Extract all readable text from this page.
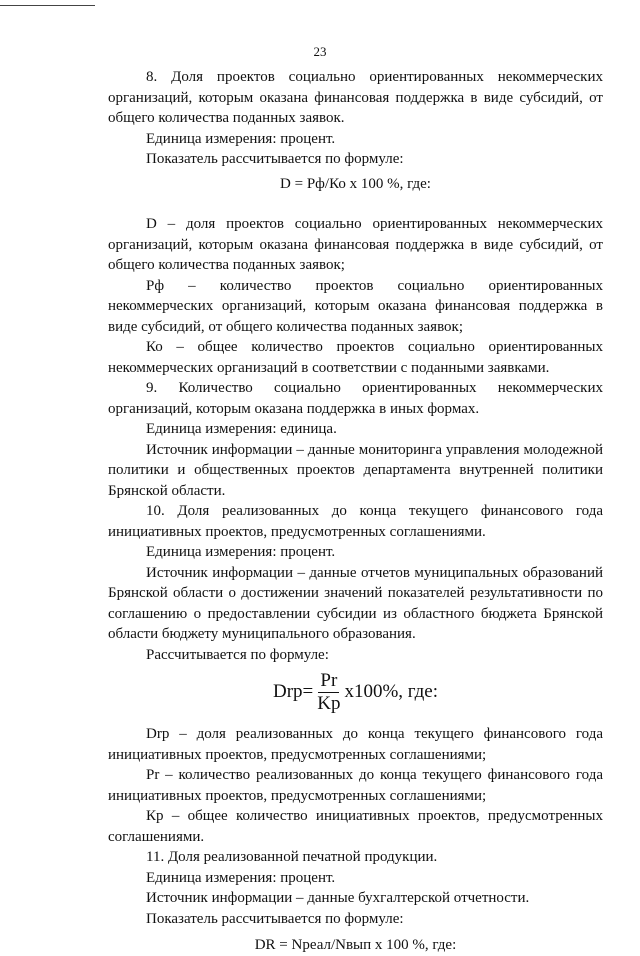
23

8. Доля проектов социально ориентированных некоммерческих организаций, которым оказана финансовая поддержка в виде субсидий, от общего количества поданных заявок.

Единица измерения: процент.

Показатель рассчитывается по формуле:

D = Рф/Ко х 100 %, где:

D – доля проектов социально ориентированных некоммерческих организаций, которым оказана финансовая поддержка в виде субсидий, от общего количества поданных заявок;

Рф – количество проектов социально ориентированных некоммерческих организаций, которым оказана финансовая поддержка в виде субсидий, от общего количества поданных заявок;

Ко – общее количество проектов социально ориентированных некоммерческих организаций в соответствии с поданными заявками.

9. Количество социально ориентированных некоммерческих организаций, которым оказана поддержка в иных формах.

Единица измерения: единица.

Источник информации – данные мониторинга управления молодежной политики и общественных проектов департамента внутренней политики Брянской области.

10. Доля реализованных до конца текущего финансового года инициативных проектов, предусмотренных соглашениями.

Единица измерения: процент.

Источник информации – данные отчетов муниципальных образований Брянской области о достижении значений показателей результативности по соглашению о предоставлении субсидии из областного бюджета Брянской области бюджету муниципального образования.

Рассчитывается по формуле:

$Drp= \frac{Pr}{Kp} x100\%$, где:

Drp – доля реализованных до конца текущего финансового года инициативных проектов, предусмотренных соглашениями;

Pr – количество реализованных до конца текущего финансового года инициативных проектов, предусмотренных соглашениями;

Кр – общее количество инициативных проектов, предусмотренных соглашениями.

11. Доля реализованной печатной продукции.

Единица измерения: процент.

Источник информации – данные бухгалтерской отчетности.

Показатель рассчитывается по формуле:

DR = Nреал/Nвып х 100 %, где:
